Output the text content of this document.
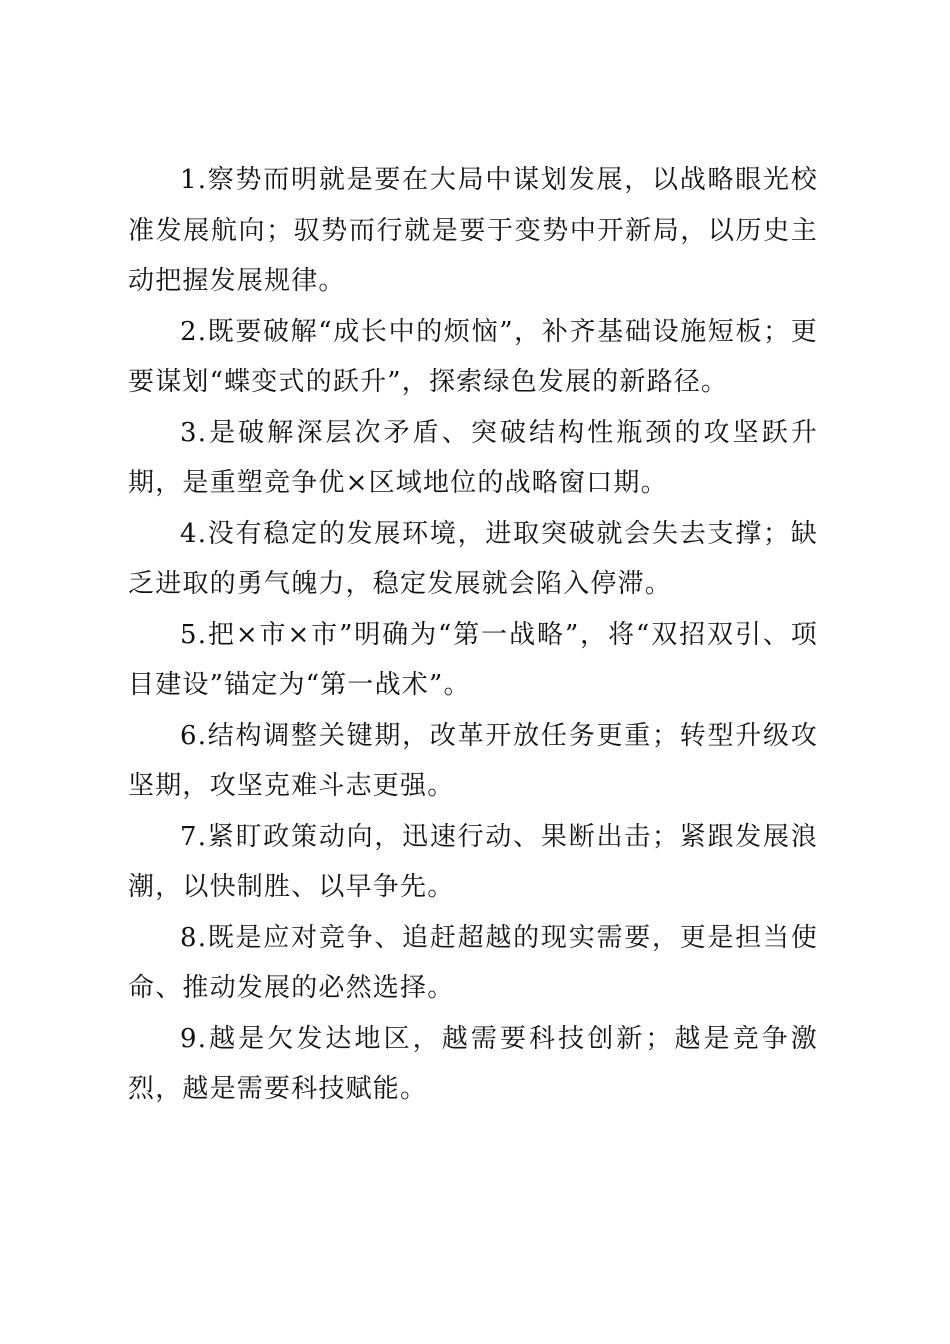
1.察势而明就是要在大局中谋划发展，以战略眼光校准发展航向；驭势而行就是要于变势中开新局，以历史主动把握发展规律。

2.既要破解“成长中的烦恼”，补齐基础设施短板；更要谋划“蝶变式的跃升”，探索绿色发展的新路径。

3.是破解深层次矛盾、突破结构性瓶颈的攻坚跃升期，是重塑竞争优×区域地位的战略窗口期。

4.没有稳定的发展环境，进取突破就会失去支撑；缺乏进取的勇气魄力，稳定发展就会陷入停滞。

5.把×市×市”明确为“第一战略”，将“双招双引、项目建设”锚定为“第一战术”。

6.结构调整关键期，改革开放任务更重；转型升级攻坚期，攻坚克难斗志更强。

7.紧盯政策动向，迅速行动、果断出击；紧跟发展浪潮，以快制胜、以早争先。

8.既是应对竞争、追赶超越的现实需要，更是担当使命、推动发展的必然选择。

9.越是欠发达地区，越需要科技创新；越是竞争激烈，越是需要科技赋能。
